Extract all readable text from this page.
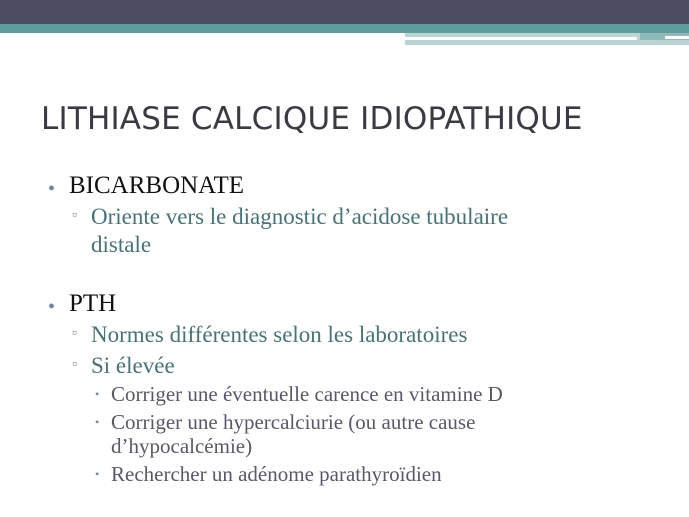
LITHIASE CALCIQUE IDIOPATHIQUE
• BICARBONATE
▫ Oriente vers le diagnostic d’acidose tubulaire
distale
• PTH
▫ Normes différentes selon les laboratoires
▫ Si élevée
• Corriger une éventuelle carence en vitamine D
• Corriger une hypercalciurie (ou autre cause
d’hypocalcémie)
• Rechercher un adénome parathyroïdien
